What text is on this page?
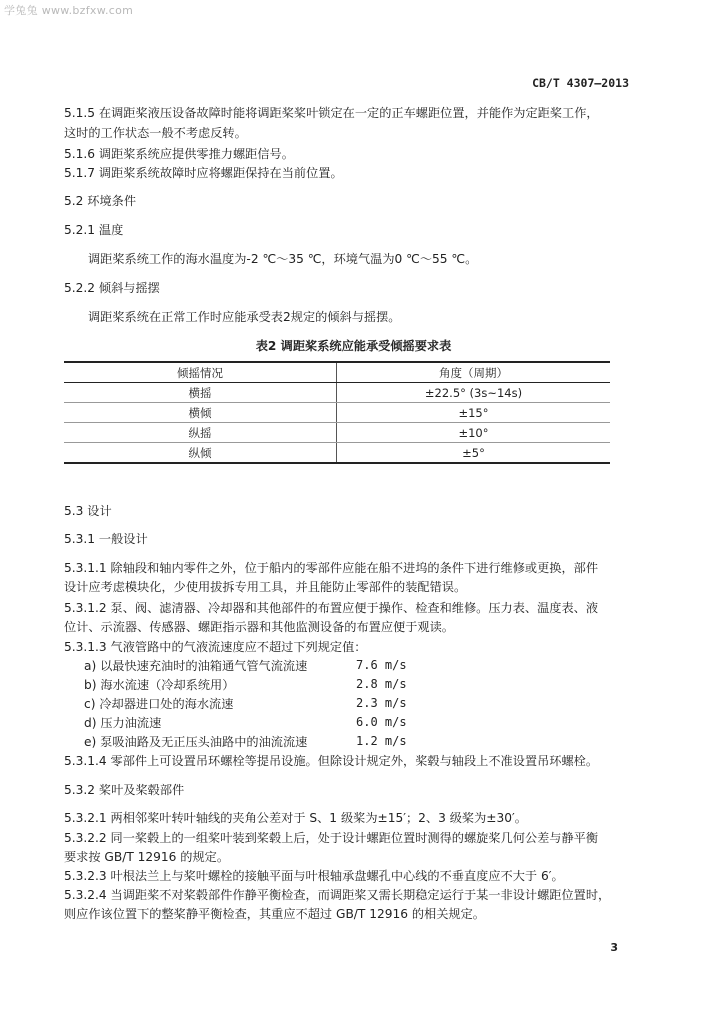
学兔兔 www.bzfxw.com
CB/T 4307—2013
5.1.5 在调距桨液压设备故障时能将调距桨桨叶锁定在一定的正车螺距位置，并能作为定距桨工作，
这时的工作状态一般不考虑反转。
5.1.6 调距桨系统应提供零推力螺距信号。
5.1.7 调距桨系统故障时应将螺距保持在当前位置。
5.2 环境条件
5.2.1 温度
调距桨系统工作的海水温度为-2 ℃～35 ℃，环境气温为0 ℃～55 ℃。
5.2.2 倾斜与摇摆
调距桨系统在正常工作时应能承受表2规定的倾斜与摇摆。
表2 调距桨系统应能承受倾摇要求表
倾摇情况	角度（周期）
横摇	±22.5° (3s~14s)
横倾	±15°
纵摇	±10°
纵倾	±5°
5.3 设计
5.3.1 一般设计
5.3.1.1 除轴段和轴内零件之外，位于船内的零部件应能在船不进坞的条件下进行维修或更换，部件
设计应考虑模块化，少使用拔拆专用工具，并且能防止零部件的装配错误。
5.3.1.2 泵、阀、滤清器、冷却器和其他部件的布置应便于操作、检查和维修。压力表、温度表、液
位计、示流器、传感器、螺距指示器和其他监测设备的布置应便于观读。
5.3.1.3 气液管路中的气液流速度应不超过下列规定值：
a) 以最快速充油时的油箱通气管气流流速	7.6 m/s
b) 海水流速（冷却系统用）	2.8 m/s
c) 冷却器进口处的海水流速	2.3 m/s
d) 压力油流速	6.0 m/s
e) 泵吸油路及无正压头油路中的油流流速	1.2 m/s
5.3.1.4 零部件上可设置吊环螺栓等提吊设施。但除设计规定外，桨毂与轴段上不准设置吊环螺栓。
5.3.2 桨叶及桨毂部件
5.3.2.1 两相邻桨叶转叶轴线的夹角公差对于 S、1 级桨为±15′；2、3 级桨为±30′。
5.3.2.2 同一桨毂上的一组桨叶装到桨毂上后，处于设计螺距位置时测得的螺旋桨几何公差与静平衡
要求按 GB/T 12916 的规定。
5.3.2.3 叶根法兰上与桨叶螺栓的接触平面与叶根轴承盘螺孔中心线的不垂直度应不大于 6′。
5.3.2.4 当调距桨不对桨毂部件作静平衡检查，而调距桨又需长期稳定运行于某一非设计螺距位置时，
则应作该位置下的整桨静平衡检查，其重应不超过 GB/T 12916 的相关规定。
3
